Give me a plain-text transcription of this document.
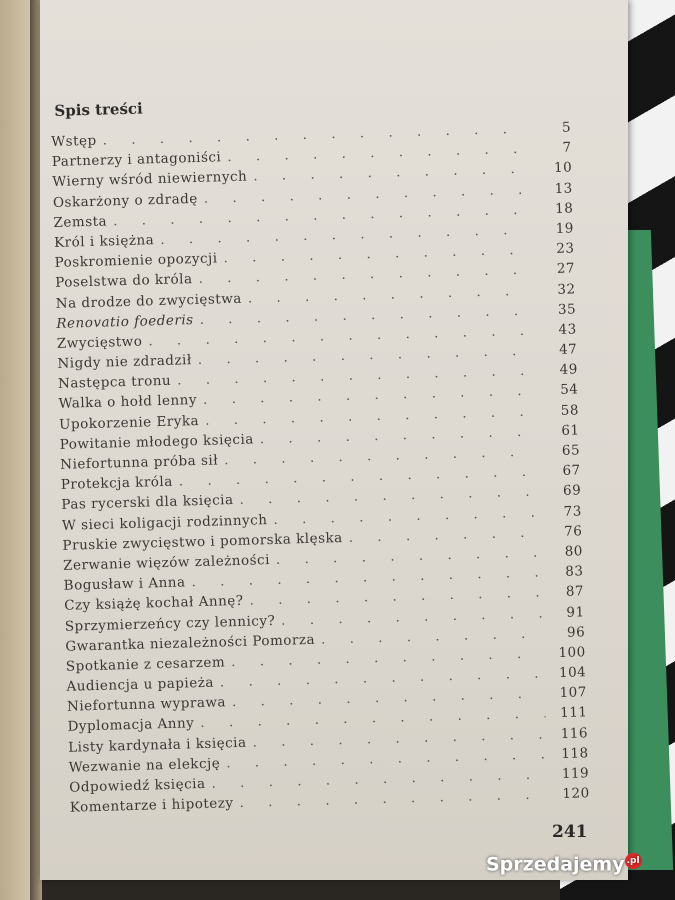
Spis treści
Wstęp
. . .
5
Partnerzy i antagoniści
. . .
7
Wierny wśród niewiernych
. . .
10
Oskarżony o zdradę
. . .
13
Zemsta
. . .
18
Król i księżna
. . .
19
Poskromienie opozycji
. . .
23
Poselstwa do króla
. . .
27
Na drodze do zwycięstwa
. . .
32
Renovatio foederis
. . .
35
Zwycięstwo
. . .
43
Nigdy nie zdradził
. . .
47
Następca tronu
. . .
49
Walka o hołd lenny
. . .
54
Upokorzenie Eryka
. . .
58
Powitanie młodego księcia
. . .
61
Niefortunna próba sił
. . .
65
Protekcja króla
. . .
67
Pas rycerski dla księcia
. . .
69
W sieci koligacji rodzinnych
. . .
73
Pruskie zwycięstwo i pomorska klęska . . .	76
Zerwanie więzów zależności
. . .
80
Bogusław i Anna
. . .
83
Czy książę kochał Annę?
. . .
87
Sprzymierzeńcy czy lennicy?
. . .
91
Gwarantka niezależności Pomorza . . .	96
Spotkanie z cesarzem
. . .
100
Audiencja u papieża
. . .
104
Niefortunna wyprawa
. . .
107
Dyplomacja Anny
. . .
111
Listy kardynała i księcia
. . .
116
Wezwanie na elekcję
. . .
118
Odpowiedź księcia
. . .
119
Komentarze i hipotezy
. . .
120
241
Sprzedajemy .pl
